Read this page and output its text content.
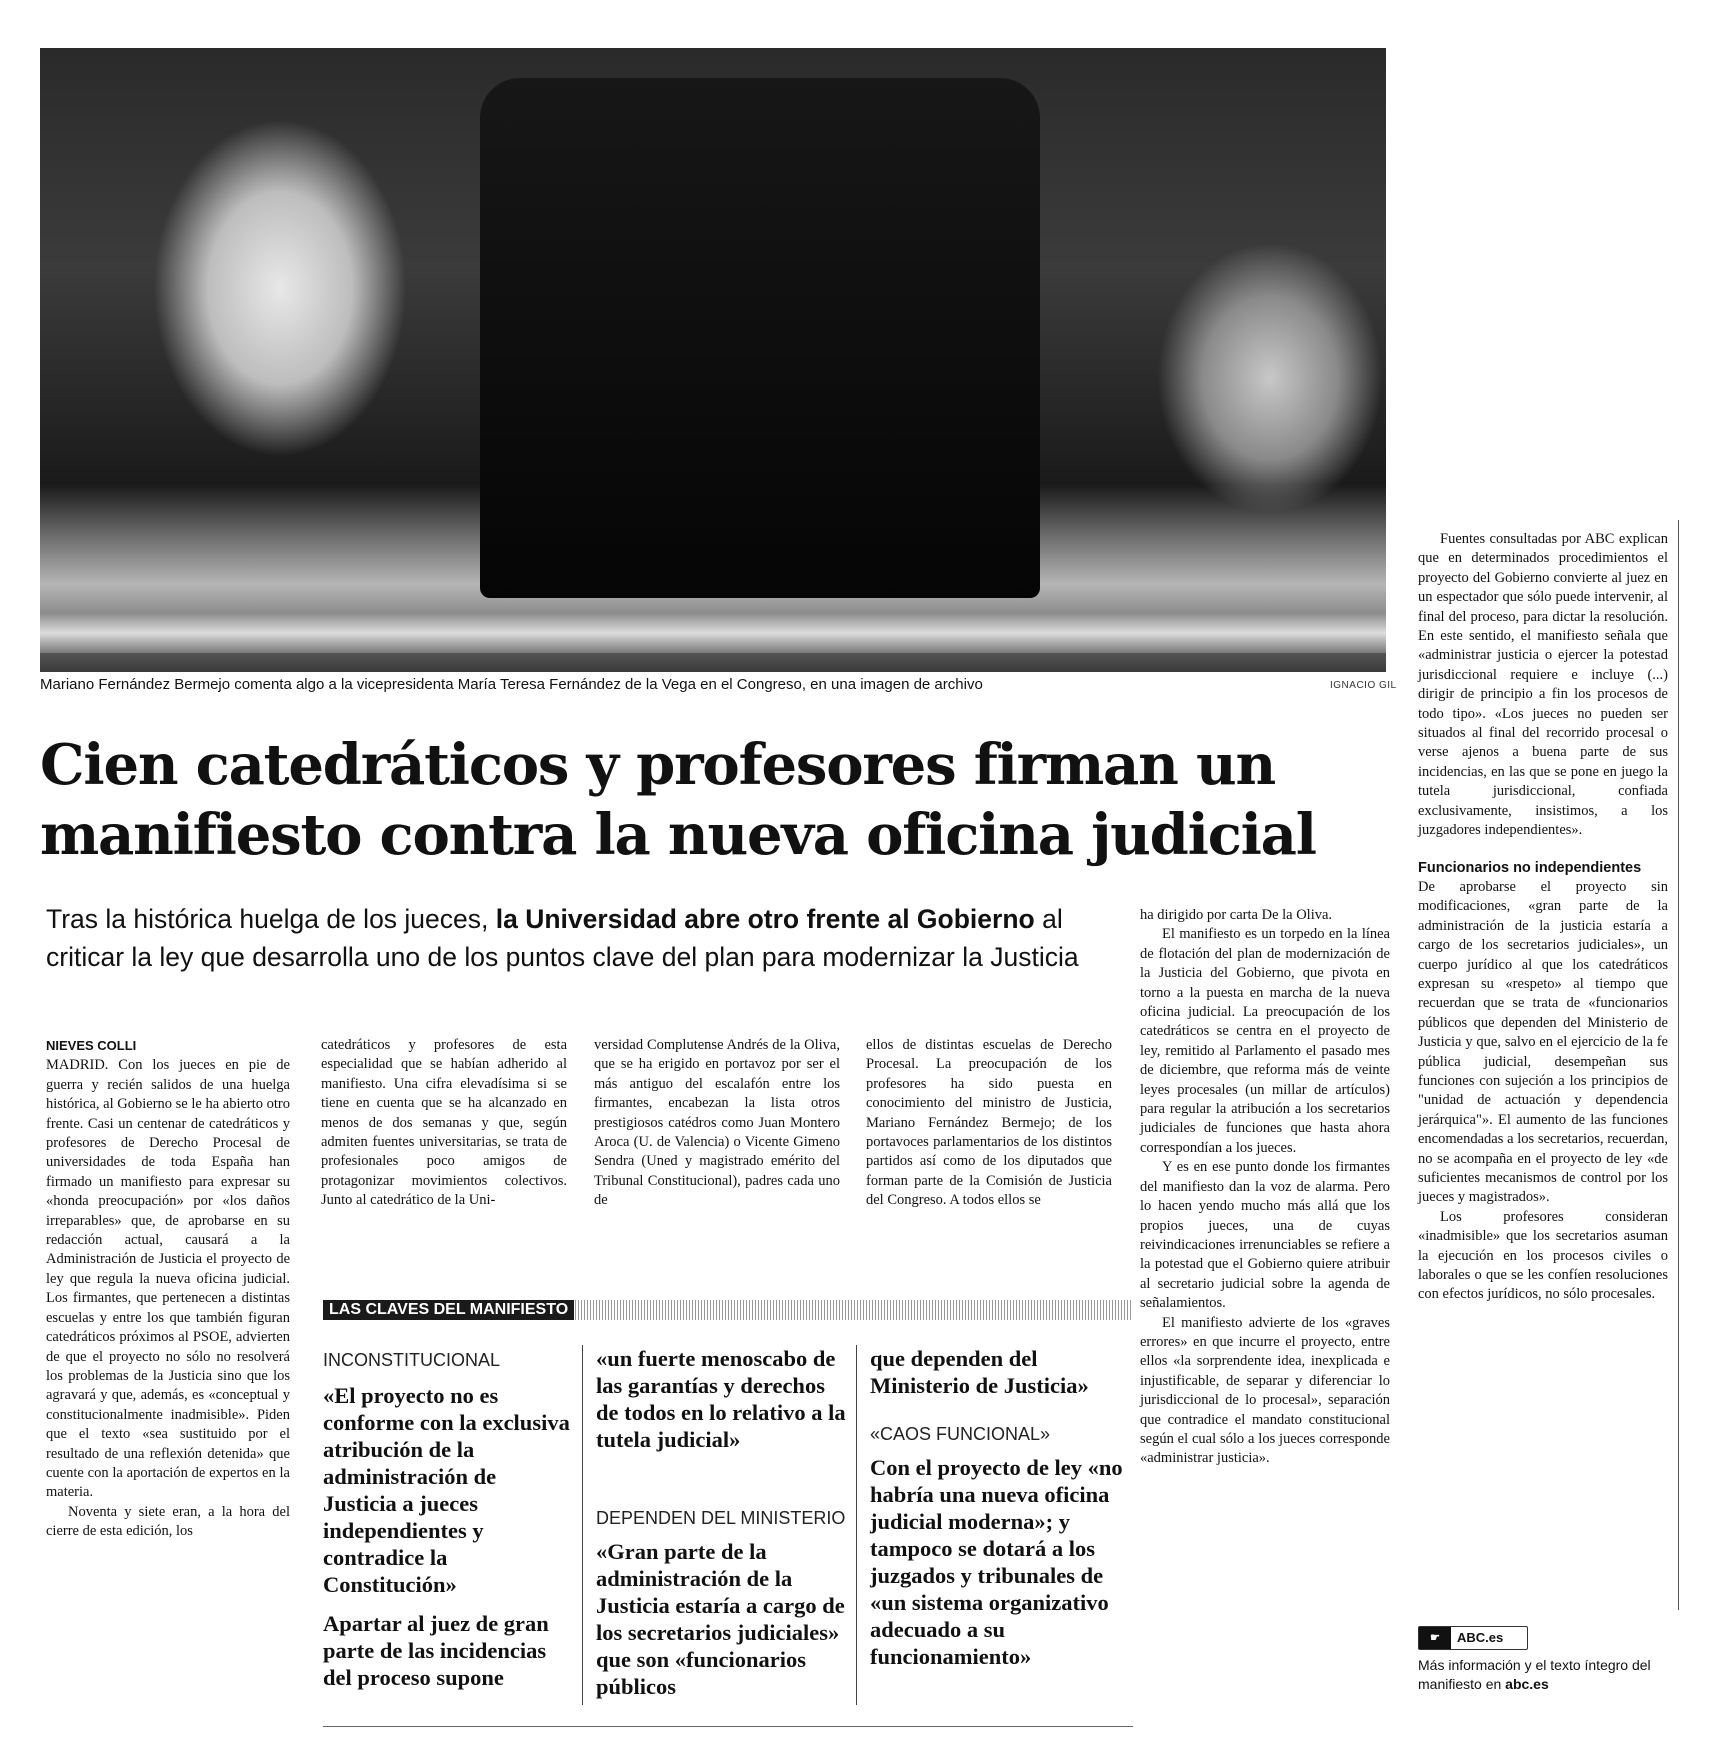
Mariano Fernández Bermejo comenta algo a la vicepresidenta María Teresa Fernández de la Vega en el Congreso, en una imagen de archivo	IGNACIO GIL
Cien catedráticos y profesores firman un manifiesto contra la nueva oficina judicial
Tras la histórica huelga de los jueces, la Universidad abre otro frente al Gobierno al criticar la ley que desarrolla uno de los puntos clave del plan para modernizar la Justicia

NIEVES COLLI

MADRID. Con los jueces en pie de guerra y recién salidos de una huelga histórica, al Gobierno se le ha abierto otro frente. Casi un centenar de catedráticos y profesores de Derecho Procesal de universidades de toda España han firmado un manifiesto para expresar su «honda preocupación» por «los daños irreparables» que, de aprobarse en su redacción actual, causará a la Administración de Justicia el proyecto de ley que regula la nueva oficina judicial. Los firmantes, que pertenecen a distintas escuelas y entre los que también figuran catedráticos próximos al PSOE, advierten de que el proyecto no sólo no resolverá los problemas de la Justicia sino que los agravará y que, además, es «conceptual y constitucionalmente inadmisible». Piden que el texto «sea sustituido por el resultado de una reflexión detenida» que cuente con la aportación de expertos en la materia.

Noventa y siete eran, a la hora del cierre de esta edición, los

catedráticos y profesores de esta especialidad que se habían adherido al manifiesto. Una cifra elevadísima si se tiene en cuenta que se ha alcanzado en menos de dos semanas y que, según admiten fuentes universitarias, se trata de profesionales poco amigos de protagonizar movimientos colectivos. Junto al catedrático de la Uni-

versidad Complutense Andrés de la Oliva, que se ha erigido en portavoz por ser el más antiguo del escalafón entre los firmantes, encabezan la lista otros prestigiosos catédros como Juan Montero Aroca (U. de Valencia) o Vicente Gimeno Sendra (Uned y magistrado emérito del Tribunal Constitucional), padres cada uno de

ellos de distintas escuelas de Derecho Procesal. La preocupación de los profesores ha sido puesta en conocimiento del ministro de Justicia, Mariano Fernández Bermejo; de los portavoces parlamentarios de los distintos partidos así como de los diputados que forman parte de la Comisión de Justicia del Congreso. A todos ellos se

ha dirigido por carta De la Oliva.

El manifiesto es un torpedo en la línea de flotación del plan de modernización de la Justicia del Gobierno, que pivota en torno a la puesta en marcha de la nueva oficina judicial. La preocupación de los catedráticos se centra en el proyecto de ley, remitido al Parlamento el pasado mes de diciembre, que reforma más de veinte leyes procesales (un millar de artículos) para regular la atribución a los secretarios judiciales de funciones que hasta ahora correspondían a los jueces.

Y es en ese punto donde los firmantes del manifiesto dan la voz de alarma. Pero lo hacen yendo mucho más allá que los propios jueces, una de cuyas reivindicaciones irrenunciables se refiere a la potestad que el Gobierno quiere atribuir al secretario judicial sobre la agenda de señalamientos.

El manifiesto advierte de los «graves errores» en que incurre el proyecto, entre ellos «la sorprendente idea, inexplicada e injustificable, de separar y diferenciar lo jurisdiccional de lo procesal», separación que contradice el mandato constitucional según el cual sólo a los jueces corresponde «administrar justicia».

Fuentes consultadas por ABC explican que en determinados procedimientos el proyecto del Gobierno convierte al juez en un espectador que sólo puede intervenir, al final del proceso, para dictar la resolución. En este sentido, el manifiesto señala que «administrar justicia o ejercer la potestad jurisdiccional requiere e incluye (...) dirigir de principio a fin los procesos de todo tipo». «Los jueces no pueden ser situados al final del recorrido procesal o verse ajenos a buena parte de sus incidencias, en las que se pone en juego la tutela jurisdiccional, confiada exclusivamente, insistimos, a los juzgadores independientes».

Funcionarios no independientes

De aprobarse el proyecto sin modificaciones, «gran parte de la administración de la justicia estaría a cargo de los secretarios judiciales», un cuerpo jurídico al que los catedráticos expresan su «respeto» al tiempo que recuerdan que se trata de «funcionarios públicos que dependen del Ministerio de Justicia y que, salvo en el ejercicio de la fe pública judicial, desempeñan sus funciones con sujeción a los principios de "unidad de actuación y dependencia jerárquica"». El aumento de las funciones encomendadas a los secretarios, recuerdan, no se acompaña en el proyecto de ley «de suficientes mecanismos de control por los jueces y magistrados».

Los profesores consideran «inadmisible» que los secretarios asuman la ejecución en los procesos civiles o laborales o que se les confíen resoluciones con efectos jurídicos, no sólo procesales.

LAS CLAVES DEL MANIFIESTO
INCONSTITUCIONAL
«El proyecto no es conforme con la exclusiva atribución de la administración de Justicia a jueces independientes y contradice la Constitución»
Apartar al juez de gran parte de las incidencias del proceso supone
«un fuerte menoscabo de las garantías y derechos de todos en lo relativo a la tutela judicial»
DEPENDEN DEL MINISTERIO
«Gran parte de la administración de la Justicia estaría a cargo de los secretarios judiciales» que son «funcionarios públicos
que dependen del Ministerio de Justicia»
«CAOS FUNCIONAL»
Con el proyecto de ley «no habría una nueva oficina judicial moderna»; y tampoco se dotará a los juzgados y tribunales de «un sistema organizativo adecuado a su funcionamiento»
☛ ABC.es
Más información y el texto íntegro del manifiesto en abc.es
